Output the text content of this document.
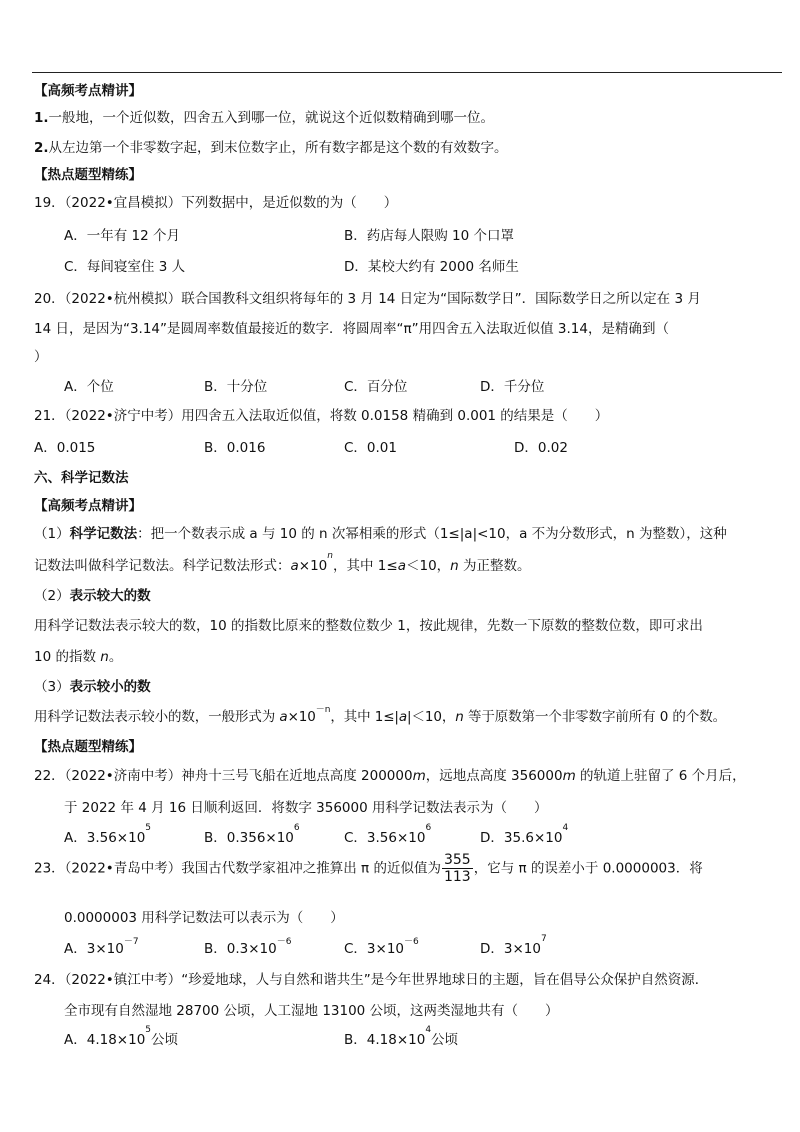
【高频考点精讲】
1.一般地，一个近似数，四舍五入到哪一位，就说这个近似数精确到哪一位。
2.从左边第一个非零数字起，到末位数字止，所有数字都是这个数的有效数字。
【热点题型精练】
19．（2022•宜昌模拟）下列数据中，是近似数的为（　　）
A．一年有 12 个月	B．药店每人限购 10 个口罩
C．每间寝室住 3 人	D．某校大约有 2000 名师生
20．（2022•杭州模拟）联合国教科文组织将每年的 3 月 14 日定为“国际数学日”．国际数学日之所以定在 3 月
14 日，是因为“3.14”是圆周率数值最接近的数字．将圆周率“π”用四舍五入法取近似值 3.14，是精确到（
）
A．个位	B．十分位	C．百分位	D．千分位
21．（2022•济宁中考）用四舍五入法取近似值，将数 0.0158 精确到 0.001 的结果是（　　）
A．0.015	B．0.016	C．0.01	D．0.02
六、科学记数法
【高频考点精讲】
（1）科学记数法：把一个数表示成 a 与 10 的 n 次幂相乘的形式（1≤|a|<10，a 不为分数形式，n 为整数），这种
记数法叫做科学记数法。科学记数法形式：$a\times 10^n$，其中 1≤a＜10，n 为正整数。
（2）表示较大的数
用科学记数法表示较大的数，10 的指数比原来的整数位数少 1，按此规律，先数一下原数的整数位数，即可求出
10 的指数 n。
（3）表示较小的数
用科学记数法表示较小的数，一般形式为 $a\times 10^{-n}$，其中 1≤|a|＜10，n 等于原数第一个非零数字前所有 0 的个数。
【热点题型精练】
22．（2022•济南中考）神舟十三号飞船在近地点高度 200000m，远地点高度 356000m 的轨道上驻留了 6 个月后，
于 2022 年 4 月 16 日顺利返回．将数字 356000 用科学记数法表示为（　　）
A．$3.56\times 10^5$
B．$0.356\times 10^6$
C．$3.56\times 10^6$
D．$35.6\times 10^4$
23．（2022•青岛中考）我国古代数学家祖冲之推算出 π 的近似值为 $\frac{355}{113}$ ，它与 π 的误差小于 0.0000003．将
0.0000003 用科学记数法可以表示为（　　）
A．$3\times 10^{-7}$	B．$0.3\times 10^{-6}$	C．$3\times 10^{-6}$	D．$3\times 10^7$
24．（2022•镇江中考）“珍爱地球，人与自然和谐共生”是今年世界地球日的主题，旨在倡导公众保护自然资源．
全市现有自然湿地 28700 公顷，人工湿地 13100 公顷，这两类湿地共有（　　）
A．$4.18\times 10^5$公顷	B．$4.18\times 10^4$公顷
